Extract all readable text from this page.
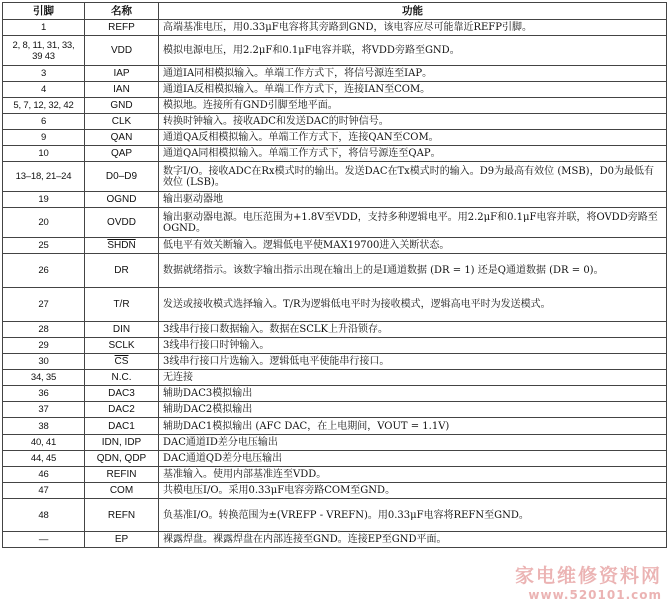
引脚	名称	功能
1	REFP	高端基准电压，用0.33μF电容将其旁路到GND，该电容应尽可能靠近REFP引脚。
2, 8, 11, 31, 33, 39 43	VDD	模拟电源电压，用2.2μF和0.1μF电容并联，将VDD旁路至GND。
3	IAP	通道IA同相模拟输入。单端工作方式下，将信号源连至IAP。
4	IAN	通道IA反相模拟输入。单端工作方式下，连接IAN至COM。
5, 7, 12, 32, 42	GND	模拟地。连接所有GND引脚至地平面。
6	CLK	转换时钟输入。接收ADC和发送DAC的时钟信号。
9	QAN	通道QA反相模拟输入。单端工作方式下，连接QAN至COM。
10	QAP	通道QA同相模拟输入。单端工作方式下，将信号源连至QAP。
13–18, 21–24	D0–D9	数字I/O。接收ADC在Rx模式时的输出。发送DAC在Tx模式时的输入。D9为最高有效位 (MSB)，D0为最低有效位 (LSB)。
19	OGND	输出驱动器地
20	OVDD	输出驱动器电源。电压范围为+1.8V至VDD，支持多种逻辑电平。用2.2μF和0.1μF电容并联，将OVDD旁路至OGND。
25	SHDN	低电平有效关断输入。逻辑低电平使MAX19700进入关断状态。
26	DR	数据就绪指示。该数字输出指示出现在输出上的是I通道数据 (DR = 1) 还是Q通道数据 (DR = 0)。
27	T/R	发送或接收模式选择输入。T/R为逻辑低电平时为接收模式，逻辑高电平时为发送模式。
28	DIN	3线串行接口数据输入。数据在SCLK上升沿锁存。
29	SCLK	3线串行接口时钟输入。
30	$\overline{CS}$	3线串行接口片选输入。逻辑低电平使能串行接口。
34, 35	N.C.	无连接
36	DAC3	辅助DAC3模拟输出
37	DAC2	辅助DAC2模拟输出
38	DAC1	辅助DAC1模拟输出 (AFC DAC，在上电期间，VOUT = 1.1V)
40, 41	IDN, IDP	DAC通道ID差分电压输出
44, 45	QDN, QDP	DAC通道QD差分电压输出
46	REFIN	基准输入。使用内部基准连至VDD。
47	COM	共模电压I/O。采用0.33μF电容旁路COM至GND。
48	REFN	负基准I/O。转换范围为±(VREFP - VREFN)。用0.33μF电容将REFN至GND。
—	EP	裸露焊盘。裸露焊盘在内部连接至GND。连接EP至GND平面。
家电维修资料网
www.520101.com
